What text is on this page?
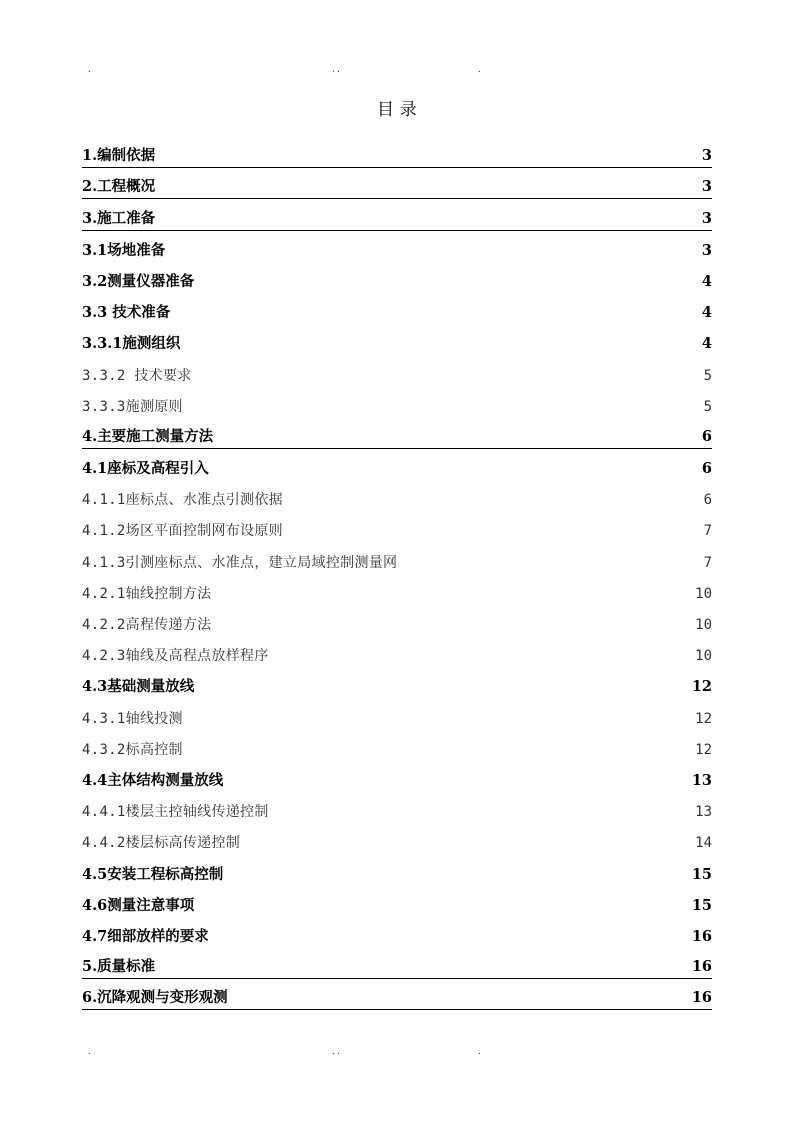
.	. .	.
.	. .	.
目 录
1.编制依据	3
2.工程概况	3
3.施工准备	3
3.1场地准备	3
3.2测量仪器准备	4
3.3 技术准备	4
3.3.1施测组织	4
3.3.2 技术要求	5
3.3.3施测原则	5
4.主要施工测量方法	6
4.1座标及高程引入	6
4.1.1座标点、水准点引测依据	6
4.1.2场区平面控制网布设原则	7
4.1.3引测座标点、水准点，建立局域控制测量网	7
4.2.1轴线控制方法	10
4.2.2高程传递方法	10
4.2.3轴线及高程点放样程序	10
4.3基础测量放线	12
4.3.1轴线投测	12
4.3.2标高控制	12
4.4主体结构测量放线	13
4.4.1楼层主控轴线传递控制	13
4.4.2楼层标高传递控制	14
4.5安装工程标高控制	15
4.6测量注意事项	15
4.7细部放样的要求	16
5.质量标准	16
6.沉降观测与变形观测	16
